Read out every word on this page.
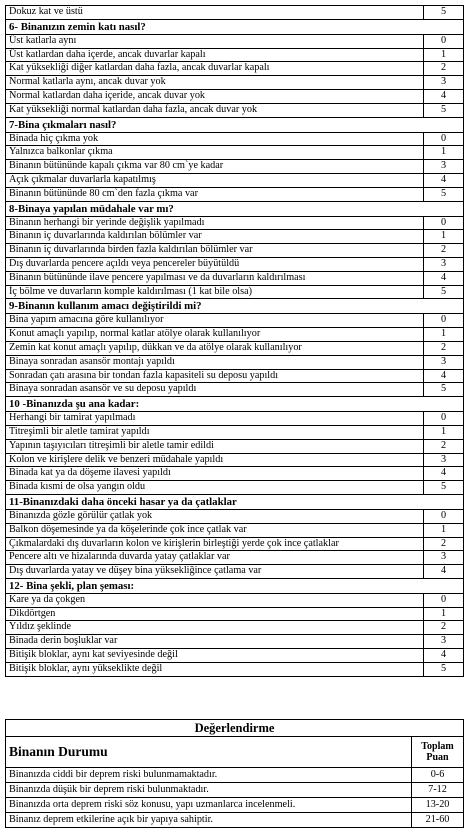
Dokuz kat ve üstü	5
6- Binanızın zemin katı nasıl?	
Üst katlarla aynı	0
Üst katlardan daha içerde, ancak duvarlar kapalı	1
Kat yüksekliği diğer katlardan daha fazla, ancak duvarlar kapalı	2
Normal katlarla aynı, ancak duvar yok	3
Normal katlardan daha içeride, ancak duvar yok	4
Kat yüksekliği normal katlardan daha fazla, ancak duvar yok	5
7-Bina çıkmaları nasıl?	
Binada hiç çıkma yok	0
Yalnızca balkonlar çıkma	1
Binanın bütününde kapalı çıkma var 80 cm`ye kadar	3
Açık çıkmalar duvarlarla kapatılmış	4
Binanın bütününde 80 cm`den fazla çıkma var	5
8-Binaya yapılan müdahale var mı?	
Binanın herhangi bir yerinde değişlik yapılmadı	0
Binanın iç duvarlarında kaldırılan bölümler var	1
Binanın iç duvarlarında birden fazla kaldırılan bölümler var	2
Dış duvarlarda pencere açıldı veya pencereler büyütüldü	3
Binanın bütününde ilave pencere yapılması ve da duvarların kaldırılması	4
İç bölme ve duvarların komple kaldırılması (1 kat bile olsa)	5
9-Binanın kullanım amacı değiştirildi mi?	
Bina yapım amacına göre kullanılıyor	0
Konut amaçlı yapılıp, normal katlar atölye olarak kullanılıyor	1
Zemin kat konut amaçlı yapılıp, dükkan ve da atölye olarak kullanılıyor	2
Binaya sonradan asansör montajı yapıldı	3
Sonradan çatı arasına bir tondan fazla kapasiteli su deposu yapıldı	4
Binaya sonradan asansör ve su deposu yapıldı	5
10 -Binanızda şu ana kadar:	
Herhangi bir tamirat yapılmadı	0
Titreşimli bir aletle tamirat yapıldı	1
Yapının taşıyıcıları titreşimli bir aletle tamir edildi	2
Kolon ve kirişlere delik ve benzeri müdahale yapıldı	3
Binada kat ya da döşeme ilavesi yapıldı	4
Binada kısmi de olsa yangın oldu	5
11-Binanızdaki daha önceki hasar ya da çatlaklar	
Binanızda gözle görülür çatlak yok	0
Balkon döşemesinde ya da köşelerinde çok ince çatlak var	1
Çıkmalardaki dış duvarların kolon ve kirişlerin birleştiği yerde çok ince çatlaklar	2
Pencere altı ve hizalarında duvarda yatay çatlaklar var	3
Dış duvarlarda yatay ve düşey bina yüksekliğince çatlama var	4
12- Bina şekli, plan şeması:	
Kare ya da çokgen	0
Dikdörtgen	1
Yıldız şeklinde	2
Binada derin boşluklar var	3
Bitişik bloklar, aynı kat seviyesinde değil	4
Bitişik bloklar, aynı yükseklikte değil	5
Değerlendirme	
Binanın Durumu	Toplam
Puan
Binanızda ciddi bir deprem riski bulunmamaktadır.	0-6
Binanızda düşük bir deprem riski bulunmaktadır.	7-12
Binanızda orta deprem riski söz konusu, yapı uzmanlarca incelenmeli.	13-20
Binanız deprem etkilerine açık bir yapıya sahiptir.	21-60
